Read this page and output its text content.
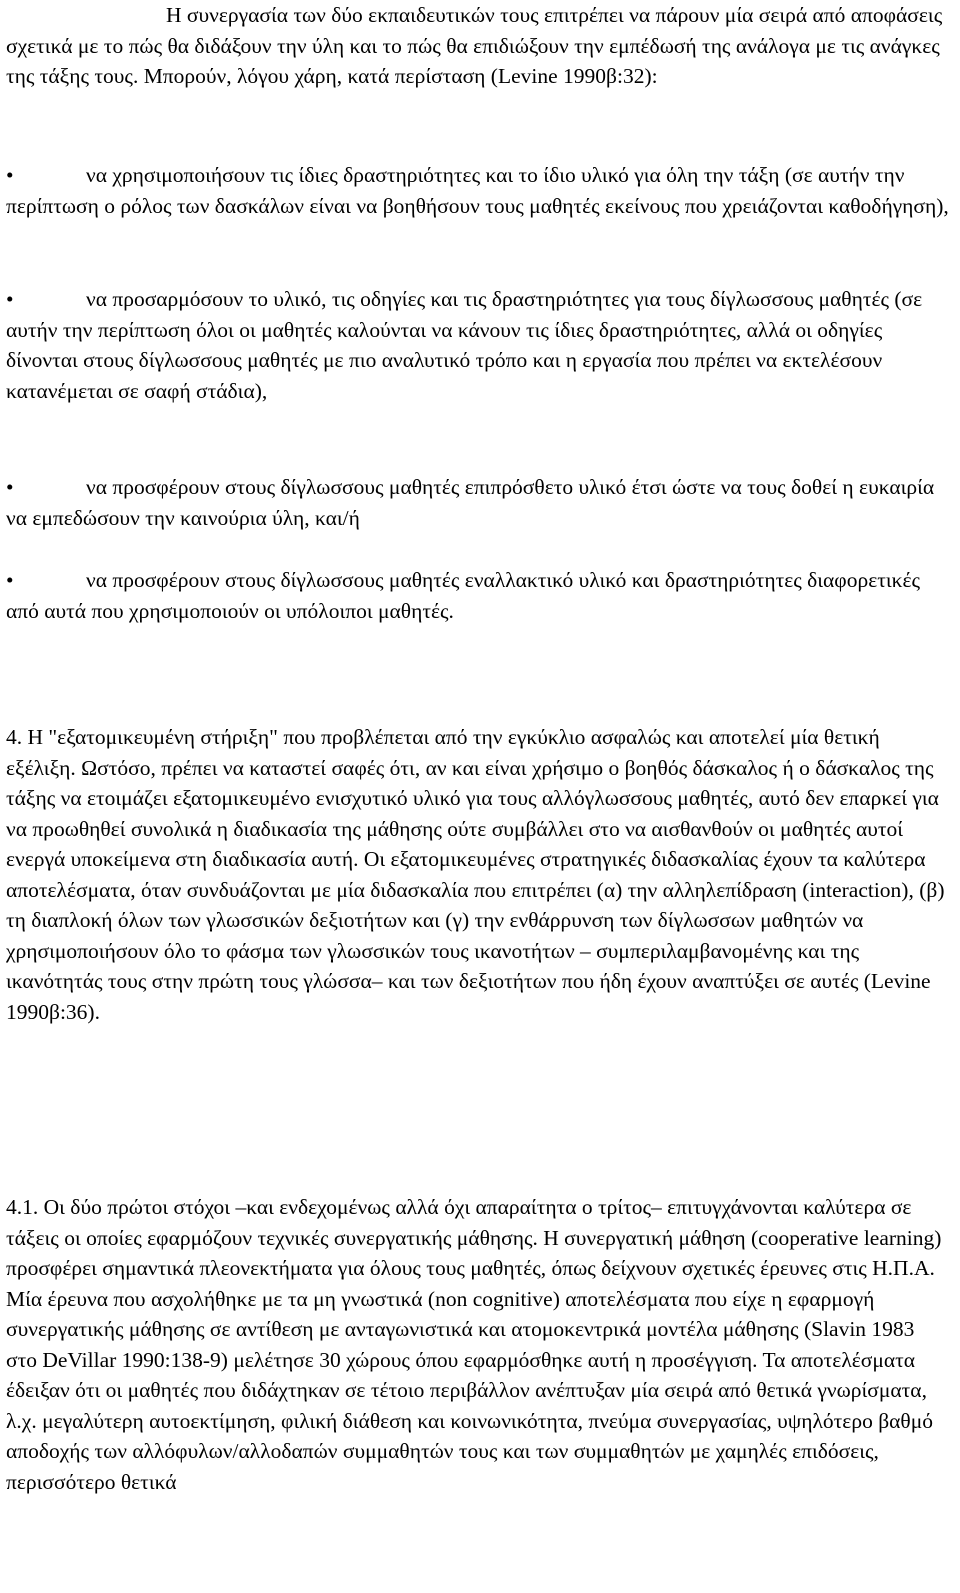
Η συνεργασία των δύο εκπαιδευτικών τους επιτρέπει να πάρουν μία σειρά από αποφάσεις σχετικά με το πώς θα διδάξουν την ύλη και το πώς θα επιδιώξουν την εμπέδωσή της ανάλογα με τις ανάγκες της τάξης τους. Μπορούν, λόγου χάρη, κατά περίσταση (Levine 1990β:32):

•	να χρησιμοποιήσουν τις ίδιες δραστηριότητες και το ίδιο υλικό για όλη την τάξη (σε αυτήν την περίπτωση ο ρόλος των δασκάλων είναι να βοηθήσουν τους μαθητές εκείνους που χρειάζονται καθοδήγηση),

•	να προσαρμόσουν το υλικό, τις οδηγίες και τις δραστηριότητες για τους δίγλωσσους μαθητές (σε αυτήν την περίπτωση όλοι οι μαθητές καλούνται να κάνουν τις ίδιες δραστηριότητες, αλλά οι οδηγίες δίνονται στους δίγλωσσους μαθητές με πιο αναλυτικό τρόπο και η εργασία που πρέπει να εκτελέσουν κατανέμεται σε σαφή στάδια),

•	να προσφέρουν στους δίγλωσσους μαθητές επιπρόσθετο υλικό έτσι ώστε να τους δοθεί η ευκαιρία να εμπεδώσουν την καινούρια ύλη, και/ή

•	να προσφέρουν στους δίγλωσσους μαθητές εναλλακτικό υλικό και δραστηριότητες διαφορετικές από αυτά που χρησιμοποιούν οι υπόλοιποι μαθητές.

4. Η "εξατομικευμένη στήριξη" που προβλέπεται από την εγκύκλιο ασφαλώς και αποτελεί μία θετική εξέλιξη. Ωστόσο, πρέπει να καταστεί σαφές ότι, αν και είναι χρήσιμο ο βοηθός δάσκαλος ή ο δάσκαλος της τάξης να ετοιμάζει εξατομικευμένο ενισχυτικό υλικό για τους αλλόγλωσσους μαθητές, αυτό δεν επαρκεί για να προωθηθεί συνολικά η διαδικασία της μάθησης ούτε συμβάλλει στο να αισθανθούν οι μαθητές αυτοί ενεργά υποκείμενα στη διαδικασία αυτή. Οι εξατομικευμένες στρατηγικές διδασκαλίας έχουν τα καλύτερα αποτελέσματα, όταν συνδυάζονται με μία διδασκαλία που επιτρέπει (α) την αλληλεπίδραση (interaction), (β) τη διαπλοκή όλων των γλωσσικών δεξιοτήτων και (γ) την ενθάρρυνση των δίγλωσσων μαθητών να χρησιμοποιήσουν όλο το φάσμα των γλωσσικών τους ικανοτήτων – συμπεριλαμβανομένης και της ικανότητάς τους στην πρώτη τους γλώσσα– και των δεξιοτήτων που ήδη έχουν αναπτύξει σε αυτές (Levine 1990β:36).

4.1. Οι δύο πρώτοι στόχοι –και ενδεχομένως αλλά όχι απαραίτητα ο τρίτος– επιτυγχάνονται καλύτερα σε τάξεις οι οποίες εφαρμόζουν τεχνικές συνεργατικής μάθησης. Η συνεργατική μάθηση (cooperative learning) προσφέρει σημαντικά πλεονεκτήματα για όλους τους μαθητές, όπως δείχνουν σχετικές έρευνες στις Η.Π.Α. Μία έρευνα που ασχολήθηκε με τα μη γνωστικά (non cognitive) αποτελέσματα που είχε η εφαρμογή συνεργατικής μάθησης σε αντίθεση με ανταγωνιστικά και ατομοκεντρικά μοντέλα μάθησης (Slavin 1983 στο DeVillar 1990:138-9) μελέτησε 30 χώρους όπου εφαρμόσθηκε αυτή η προσέγγιση. Τα αποτελέσματα έδειξαν ότι οι μαθητές που διδάχτηκαν σε τέτοιο περιβάλλον ανέπτυξαν μία σειρά από θετικά γνωρίσματα, λ.χ. μεγαλύτερη αυτοεκτίμηση, φιλική διάθεση και κοινωνικότητα, πνεύμα συνεργασίας, υψηλότερο βαθμό αποδοχής των αλλόφυλων/αλλοδαπών συμμαθητών τους και των συμμαθητών με χαμηλές επιδόσεις, περισσότερο θετικά
